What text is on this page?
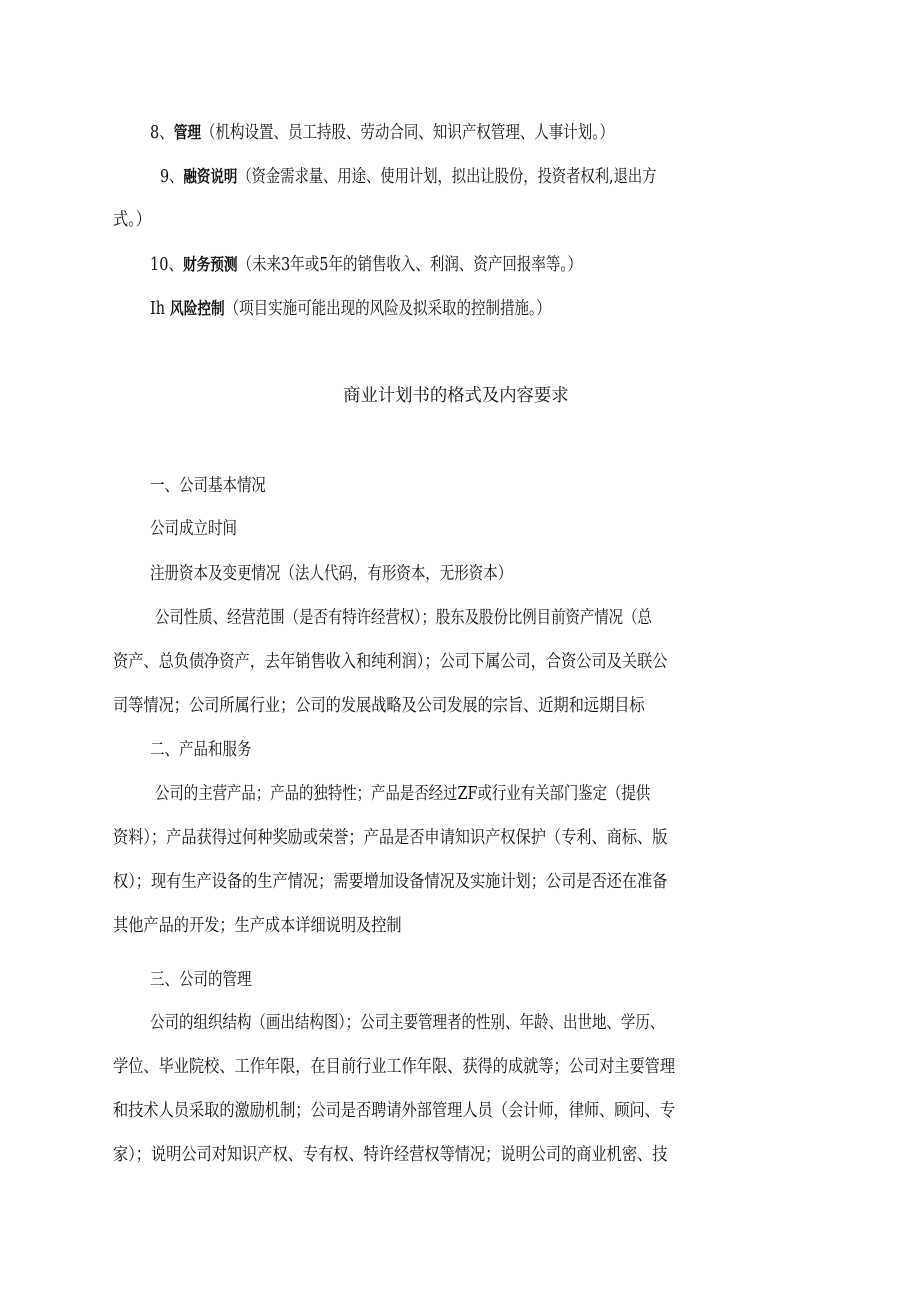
8、管理（机构设置、员工持股、劳动合同、知识产权管理、人事计划。）
9、融资说明（资金需求量、用途、使用计划，拟出让股份，投资者权利,退出方
式。）
10、财务预测（未来3年或5年的销售收入、利润、资产回报率等。）
Ih 风险控制（项目实施可能出现的风险及拟采取的控制措施。）
商业计划书的格式及内容要求
一、公司基本情况
公司成立时间
注册资本及变更情况（法人代码，有形资本，无形资本）
公司性质、经营范围（是否有特许经营权）；股东及股份比例目前资产情况（总
资产、总负债净资产，去年销售收入和纯利润）；公司下属公司，合资公司及关联公
司等情况；公司所属行业；公司的发展战略及公司发展的宗旨、近期和远期目标
二、产品和服务
公司的主营产品；产品的独特性；产品是否经过ZF或行业有关部门鉴定（提供
资料）；产品获得过何种奖励或荣誉；产品是否申请知识产权保护（专利、商标、版
权）；现有生产设备的生产情况；需要增加设备情况及实施计划；公司是否还在准备
其他产品的开发；生产成本详细说明及控制
三、公司的管理
公司的组织结构（画出结构图）；公司主要管理者的性别、年龄、出世地、学历、
学位、毕业院校、工作年限，在目前行业工作年限、获得的成就等；公司对主要管理
和技术人员采取的激励机制；公司是否聘请外部管理人员（会计师，律师、顾问、专
家）；说明公司对知识产权、专有权、特许经营权等情况；说明公司的商业机密、技
